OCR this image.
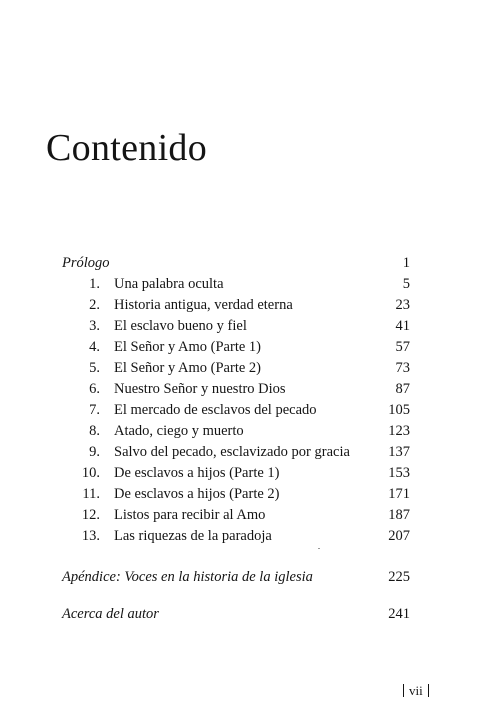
Contenido
Prólogo	1
1. Una palabra oculta	5
2. Historia antigua, verdad eterna	23
3. El esclavo bueno y fiel	41
4. El Señor y Amo (Parte 1)	57
5. El Señor y Amo (Parte 2)	73
6. Nuestro Señor y nuestro Dios	87
7. El mercado de esclavos del pecado	105
8. Atado, ciego y muerto	123
9. Salvo del pecado, esclavizado por gracia	137
10. De esclavos a hijos (Parte 1)	153
11. De esclavos a hijos (Parte 2)	171
12. Listos para recibir al Amo	187
13. Las riquezas de la paradoja	207
Apéndice: Voces en la historia de la iglesia	225
Acerca del autor	241
vii
